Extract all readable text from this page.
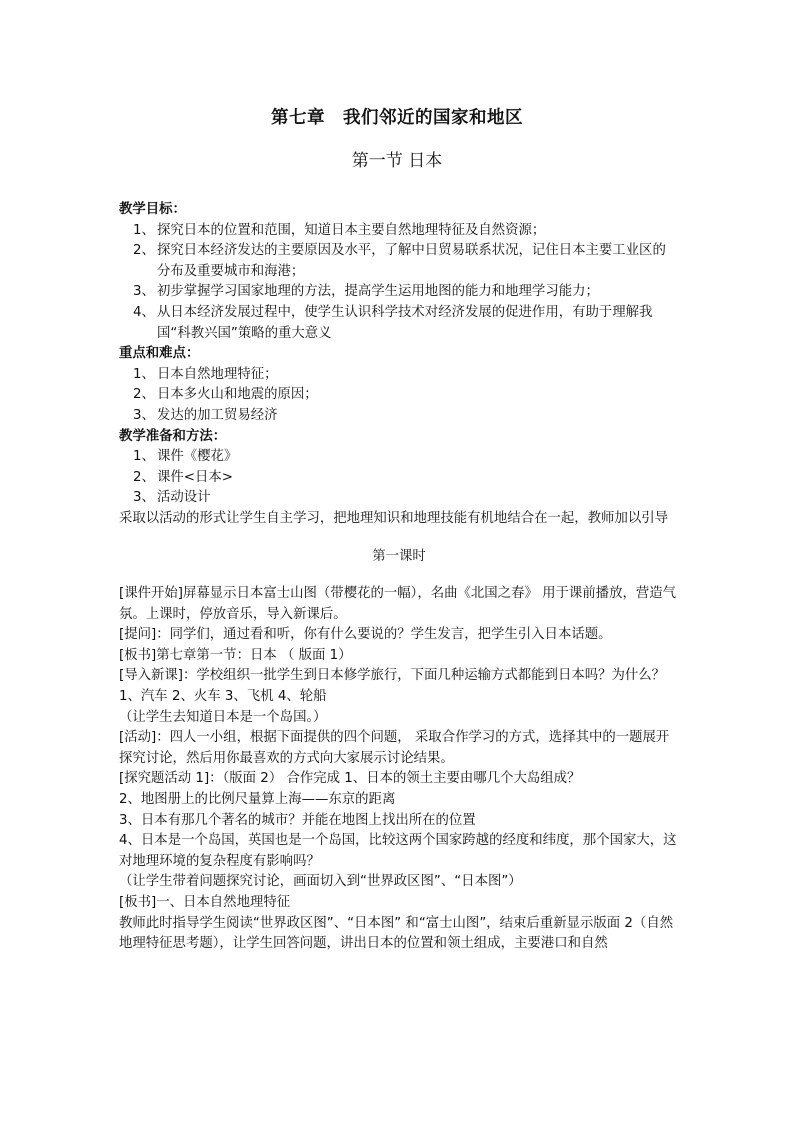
第七章　我们邻近的国家和地区
第一节 日本
教学目标：
1、 探究日本的位置和范围，知道日本主要自然地理特征及自然资源；
2、 探究日本经济发达的主要原因及水平，了解中日贸易联系状况，记住日本主要工业区的分布及重要城市和海港；
3、 初步掌握学习国家地理的方法，提高学生运用地图的能力和地理学习能力；
4、 从日本经济发展过程中，使学生认识科学技术对经济发展的促进作用，有助于理解我国“科教兴国”策略的重大意义
重点和难点：
1、 日本自然地理特征；
2、 日本多火山和地震的原因；
3、 发达的加工贸易经济
教学准备和方法：
1、 课件《樱花》
2、 课件<日本>
3、 活动设计
采取以活动的形式让学生自主学习，把地理知识和地理技能有机地结合在一起，教师加以引导
第一课时
[课件开始]屏幕显示日本富士山图（带樱花的一幅），名曲《北国之春》 用于课前播放，营造气氛。上课时，停放音乐，导入新课后。
[提问]：同学们，通过看和听，你有什么要说的？学生发言，把学生引入日本话题。
[板书]第七章第一节：日本 （ 版面 1）
[导入新课]：学校组织一批学生到日本修学旅行，下面几种运输方式都能到日本吗？为什么？
1、汽车 2、火车 3、飞机 4、轮船
（让学生去知道日本是一个岛国。）
[活动]：四人一小组，根据下面提供的四个问题， 采取合作学习的方式，选择其中的一题展开探究讨论，然后用你最喜欢的方式向大家展示讨论结果。
[探究题活动 1]：（版面 2） 合作完成 1、日本的领土主要由哪几个大岛组成？
2、地图册上的比例尺量算上海——东京的距离
3、日本有那几个著名的城市？并能在地图上找出所在的位置
4、日本是一个岛国，英国也是一个岛国，比较这两个国家跨越的经度和纬度，那个国家大，这对地理环境的复杂程度有影响吗？
（让学生带着问题探究讨论，画面切入到“世界政区图”、“日本图”）
[板书]一、日本自然地理特征
教师此时指导学生阅读“世界政区图”、“日本图” 和“富士山图”，结束后重新显示版面 2（自然地理特征思考题），让学生回答问题，讲出日本的位置和领土组成，主要港口和自然
